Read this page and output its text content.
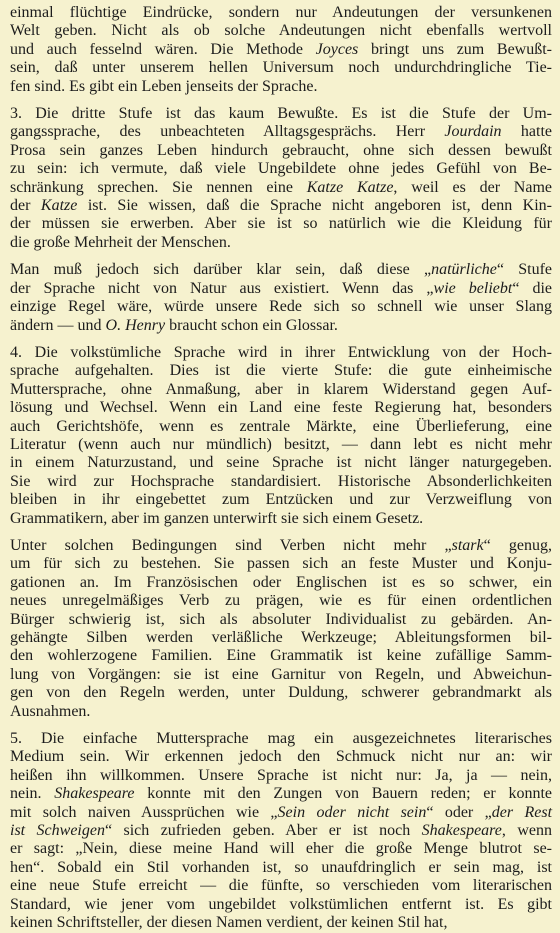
einmal flüchtige Eindrücke, sondern nur Andeutungen der versunkenen
Welt geben. Nicht als ob solche Andeutungen nicht ebenfalls wertvoll
und auch fesselnd wären. Die Methode Joyces bringt uns zum Bewußt-
sein, daß unter unserem hellen Universum noch undurchdringliche Tie-
fen sind. Es gibt ein Leben jenseits der Sprache.

3. Die dritte Stufe ist das kaum Bewußte. Es ist die Stufe der Um-
gangssprache, des unbeachteten Alltagsgesprächs. Herr Jourdain hatte
Prosa sein ganzes Leben hindurch gebraucht, ohne sich dessen bewußt
zu sein: ich vermute, daß viele Ungebildete ohne jedes Gefühl von Be-
schränkung sprechen. Sie nennen eine Katze Katze, weil es der Name
der Katze ist. Sie wissen, daß die Sprache nicht angeboren ist, denn Kin-
der müssen sie erwerben. Aber sie ist so natürlich wie die Kleidung für
die große Mehrheit der Menschen.

Man muß jedoch sich darüber klar sein, daß diese „natürliche“ Stufe
der Sprache nicht von Natur aus existiert. Wenn das „wie beliebt“ die
einzige Regel wäre, würde unsere Rede sich so schnell wie unser Slang
ändern — und O. Henry braucht schon ein Glossar.

4. Die volkstümliche Sprache wird in ihrer Entwicklung von der Hoch-
sprache aufgehalten. Dies ist die vierte Stufe: die gute einheimische
Muttersprache, ohne Anmaßung, aber in klarem Widerstand gegen Auf-
lösung und Wechsel. Wenn ein Land eine feste Regierung hat, besonders
auch Gerichtshöfe, wenn es zentrale Märkte, eine Überlieferung, eine
Literatur (wenn auch nur mündlich) besitzt, — dann lebt es nicht mehr
in einem Naturzustand, und seine Sprache ist nicht länger naturgegeben.
Sie wird zur Hochsprache standardisiert. Historische Absonderlichkeiten
bleiben in ihr eingebettet zum Entzücken und zur Verzweiflung von
Grammatikern, aber im ganzen unterwirft sie sich einem Gesetz.

Unter solchen Bedingungen sind Verben nicht mehr „stark“ genug,
um für sich zu bestehen. Sie passen sich an feste Muster und Konju-
gationen an. Im Französischen oder Englischen ist es so schwer, ein
neues unregelmäßiges Verb zu prägen, wie es für einen ordentlichen
Bürger schwierig ist, sich als absoluter Individualist zu gebärden. An-
gehängte Silben werden verläßliche Werkzeuge; Ableitungsformen bil-
den wohlerzogene Familien. Eine Grammatik ist keine zufällige Samm-
lung von Vorgängen: sie ist eine Garnitur von Regeln, und Abweichun-
gen von den Regeln werden, unter Duldung, schwerer gebrandmarkt als
Ausnahmen.

5. Die einfache Muttersprache mag ein ausgezeichnetes literarisches
Medium sein. Wir erkennen jedoch den Schmuck nicht nur an: wir
heißen ihn willkommen. Unsere Sprache ist nicht nur: Ja, ja — nein,
nein. Shakespeare konnte mit den Zungen von Bauern reden; er konnte
mit solch naiven Aussprüchen wie „Sein oder nicht sein“ oder „der Rest
ist Schweigen“ sich zufrieden geben. Aber er ist noch Shakespeare, wenn
er sagt: „Nein, diese meine Hand will eher die große Menge blutrot se-
hen“. Sobald ein Stil vorhanden ist, so unaufdringlich er sein mag, ist
eine neue Stufe erreicht — die fünfte, so verschieden vom literarischen
Standard, wie jener vom ungebildet volkstümlichen entfernt ist. Es gibt
keinen Schriftsteller, der diesen Namen verdient, der keinen Stil hat,
